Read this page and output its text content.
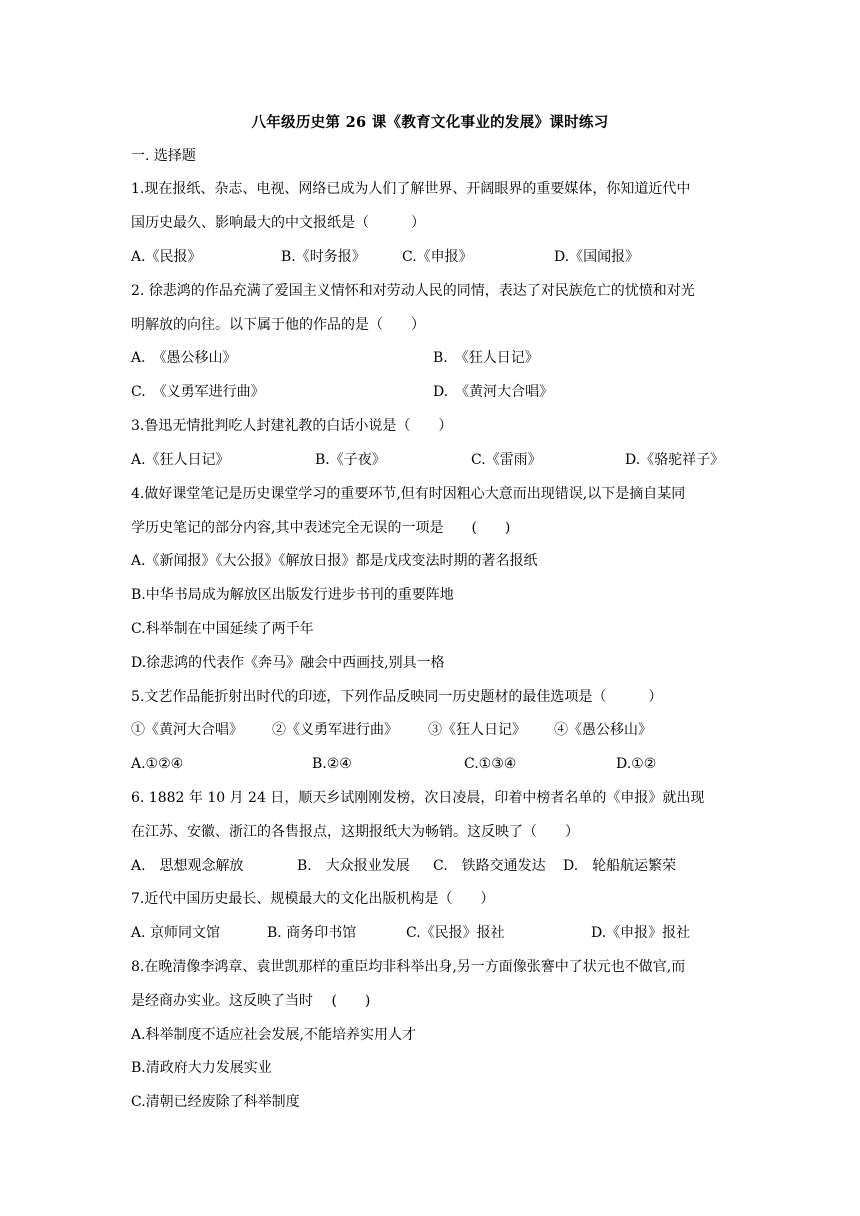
八年级历史第 26 课《教育文化事业的发展》课时练习
一. 选择题
1.现在报纸、杂志、电视、网络已成为人们了解世界、开阔眼界的重要媒体，你知道近代中
国历史最久、影响最大的中文报纸是（　　　）
A.《民报》	B.《时务报》	C.《申报》	D.《国闻报》
2. 徐悲鸿的作品充满了爱国主义情怀和对劳动人民的同情，表达了对民族危亡的忧愤和对光
明解放的向往。以下属于他的作品的是（　　）
A.　《愚公移山》	B.　《狂人日记》
C.　《义勇军进行曲》	D.　《黄河大合唱》
3.鲁迅无情批判吃人封建礼教的白话小说是（　　）
A.《狂人日记》	B.《子夜》	C.《雷雨》	D.《骆驼祥子》
4.做好课堂笔记是历史课堂学习的重要环节,但有时因粗心大意而出现错误,以下是摘自某同
学历史笔记的部分内容,其中表述完全无误的一项是　　(　　)
A.《新闻报》《大公报》《解放日报》都是戊戌变法时期的著名报纸
B.中华书局成为解放区出版发行进步书刊的重要阵地
C.科举制在中国延续了两千年
D.徐悲鸿的代表作《奔马》融会中西画技,别具一格
5.文艺作品能折射出时代的印迹，下列作品反映同一历史题材的最佳选项是（　　　）
①《黄河大合唱》 ②《义勇军进行曲》 ③《狂人日记》 ④《愚公移山》
A.①②④	B.②④	C.①③④	D.①②
6. 1882 年 10 月 24 日，顺天乡试刚刚发榜，次日凌晨，印着中榜者名单的《申报》就出现
在江苏、安徽、浙江的各售报点，这期报纸大为畅销。这反映了（　　）
A.　思想观念解放	B.　大众报业发展 C.　铁路交通发达 D.　轮船航运繁荣
7.近代中国历史最长、规模最大的文化出版机构是（　　）
A. 京师同文馆	B. 商务印书馆	C.《民报》报社	D.《申报》报社
8.在晚清像李鸿章、袁世凯那样的重臣均非科举出身,另一方面像张謇中了状元也不做官,而
是经商办实业。这反映了当时　 (　　)
A.科举制度不适应社会发展,不能培养实用人才
B.清政府大力发展实业
C.清朝已经废除了科举制度
